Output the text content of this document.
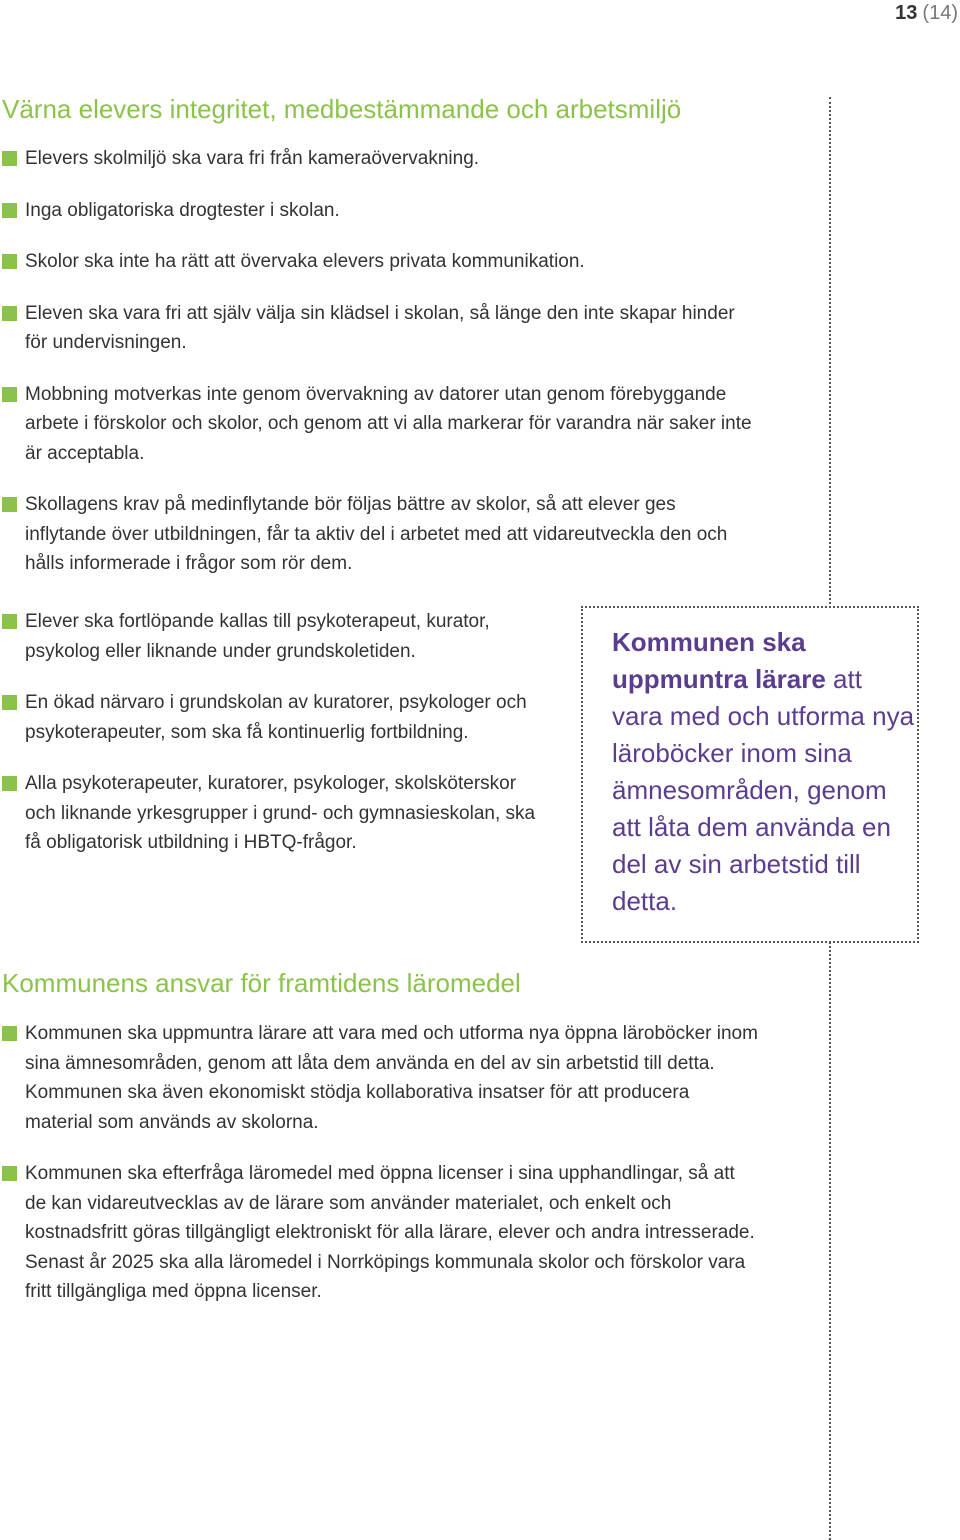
13 (14)
Värna elevers integritet, medbestämmande och arbetsmiljö
Elevers skolmiljö ska vara fri från kameraövervakning.
Inga obligatoriska drogtester i skolan.
Skolor ska inte ha rätt att övervaka elevers privata kommunikation.
Eleven ska vara fri att själv välja sin klädsel i skolan, så länge den inte skapar hinder för undervisningen.
Mobbning motverkas inte genom övervakning av datorer utan genom förebyggande arbete i förskolor och skolor, och genom att vi alla markerar för varandra när saker inte är acceptabla.
Skollagens krav på medinflytande bör följas bättre av skolor, så att elever ges inflytande över utbildningen, får ta aktiv del i arbetet med att vidareutveckla den och hålls informerade i frågor som rör dem.
Elever ska fortlöpande kallas till psykoterapeut, kurator, psykolog eller liknande under grundskoletiden.
En ökad närvaro i grundskolan av kuratorer, psykologer och psykoterapeuter, som ska få kontinuerlig fortbildning.
Alla psykoterapeuter, kuratorer, psykologer, skolsköterskor och liknande yrkesgrupper i grund- och gymnasieskolan, ska få obligatorisk utbildning i HBTQ-frågor.
Kommunen ska uppmuntra lärare att vara med och utforma nya läroböcker inom sina ämnesområden, genom att låta dem använda en del av sin arbetstid till detta.
Kommunens ansvar för framtidens läromedel
Kommunen ska uppmuntra lärare att vara med och utforma nya öppna läroböcker inom sina ämnesområden, genom att låta dem använda en del av sin arbetstid till detta. Kommunen ska även ekonomiskt stödja kollaborativa insatser för att producera material som används av skolorna.
Kommunen ska efterfråga läromedel med öppna licenser i sina upphandlingar, så att de kan vidareutvecklas av de lärare som använder materialet, och enkelt och kostnadsfritt göras tillgängligt elektroniskt för alla lärare, elever och andra intresserade. Senast år 2025 ska alla läromedel i Norrköpings kommunala skolor och förskolor vara fritt tillgängliga med öppna licenser.
